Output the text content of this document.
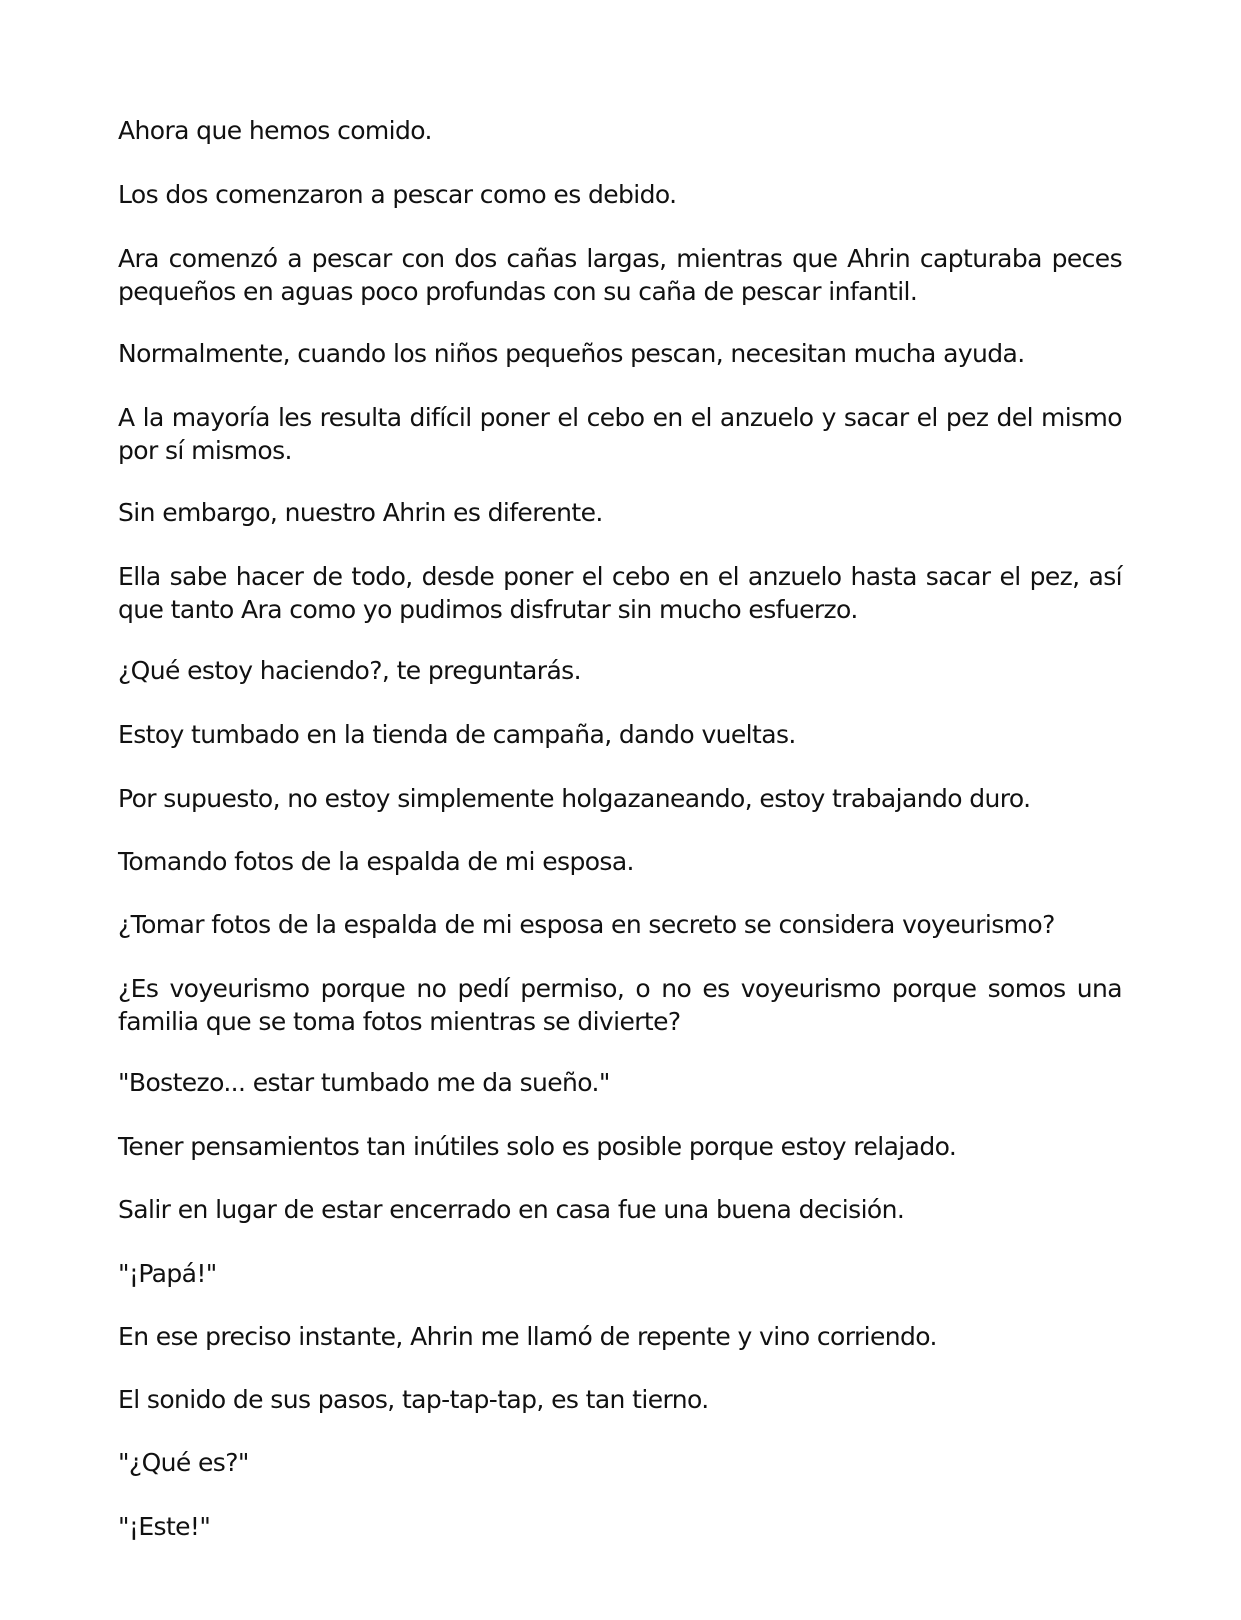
Ahora que hemos comido.

Los dos comenzaron a pescar como es debido.

Ara comenzó a pescar con dos cañas largas, mientras que Ahrin capturaba peces pequeños en aguas poco profundas con su caña de pescar infantil.

Normalmente, cuando los niños pequeños pescan, necesitan mucha ayuda.

A la mayoría les resulta difícil poner el cebo en el anzuelo y sacar el pez del mismo por sí mismos.

Sin embargo, nuestro Ahrin es diferente.

Ella sabe hacer de todo, desde poner el cebo en el anzuelo hasta sacar el pez, así que tanto Ara como yo pudimos disfrutar sin mucho esfuerzo.

¿Qué estoy haciendo?, te preguntarás.

Estoy tumbado en la tienda de campaña, dando vueltas.

Por supuesto, no estoy simplemente holgazaneando, estoy trabajando duro.

Tomando fotos de la espalda de mi esposa.

¿Tomar fotos de la espalda de mi esposa en secreto se considera voyeurismo?

¿Es voyeurismo porque no pedí permiso, o no es voyeurismo porque somos una familia que se toma fotos mientras se divierte?

"Bostezo... estar tumbado me da sueño."

Tener pensamientos tan inútiles solo es posible porque estoy relajado.

Salir en lugar de estar encerrado en casa fue una buena decisión.

"¡Papá!"

En ese preciso instante, Ahrin me llamó de repente y vino corriendo.

El sonido de sus pasos, tap-tap-tap, es tan tierno.

"¿Qué es?"

"¡Este!"
